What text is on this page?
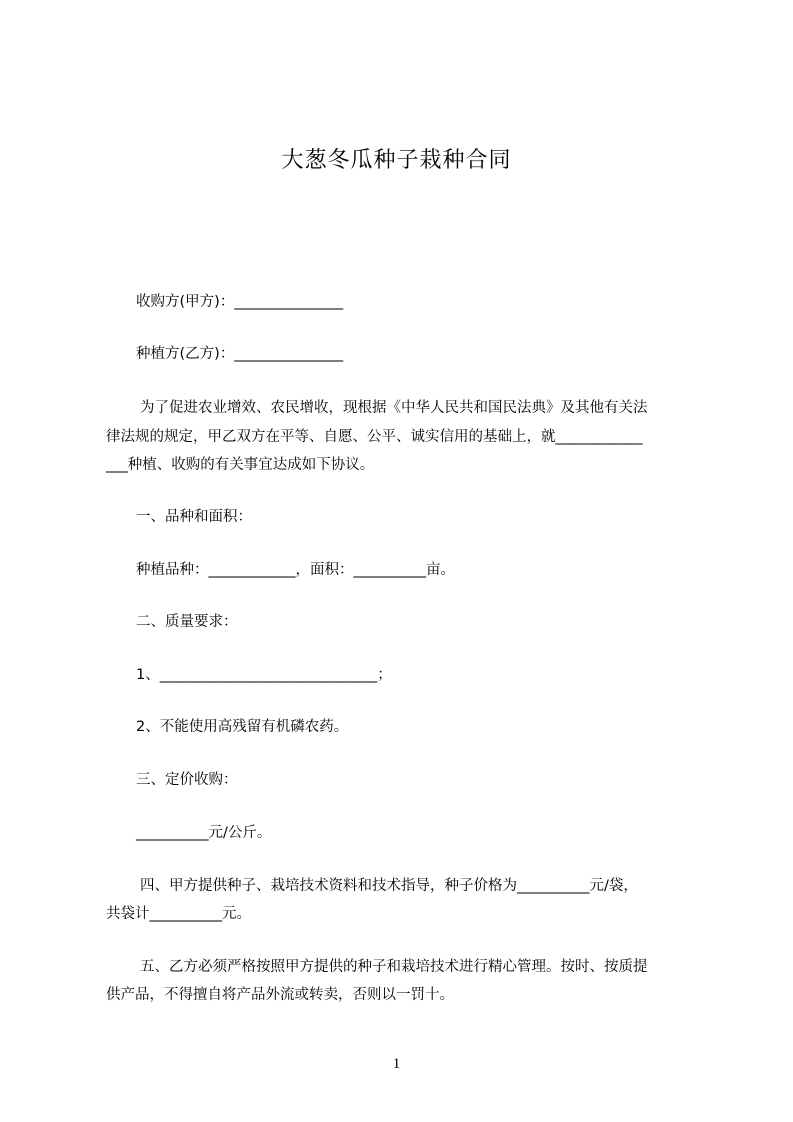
大葱冬瓜种子栽种合同
收购方(甲方)：_______________
种植方(乙方)：_______________
为了促进农业增效、农民增收，现根据《中华人民共和国民法典》及其他有关法
律法规的规定，甲乙双方在平等、自愿、公平、诚实信用的基础上，就____________
___种植、收购的有关事宜达成如下协议。
一、品种和面积：
种植品种：____________，面积：__________亩。
二、质量要求：
1、______________________________；
2、不能使用高残留有机磷农药。
三、定价收购：
__________元/公斤。
四、甲方提供种子、栽培技术资料和技术指导，种子价格为__________元/袋，
共袋计__________元。
五、乙方必须严格按照甲方提供的种子和栽培技术进行精心管理。按时、按质提
供产品，不得擅自将产品外流或转卖，否则以一罚十。
1
